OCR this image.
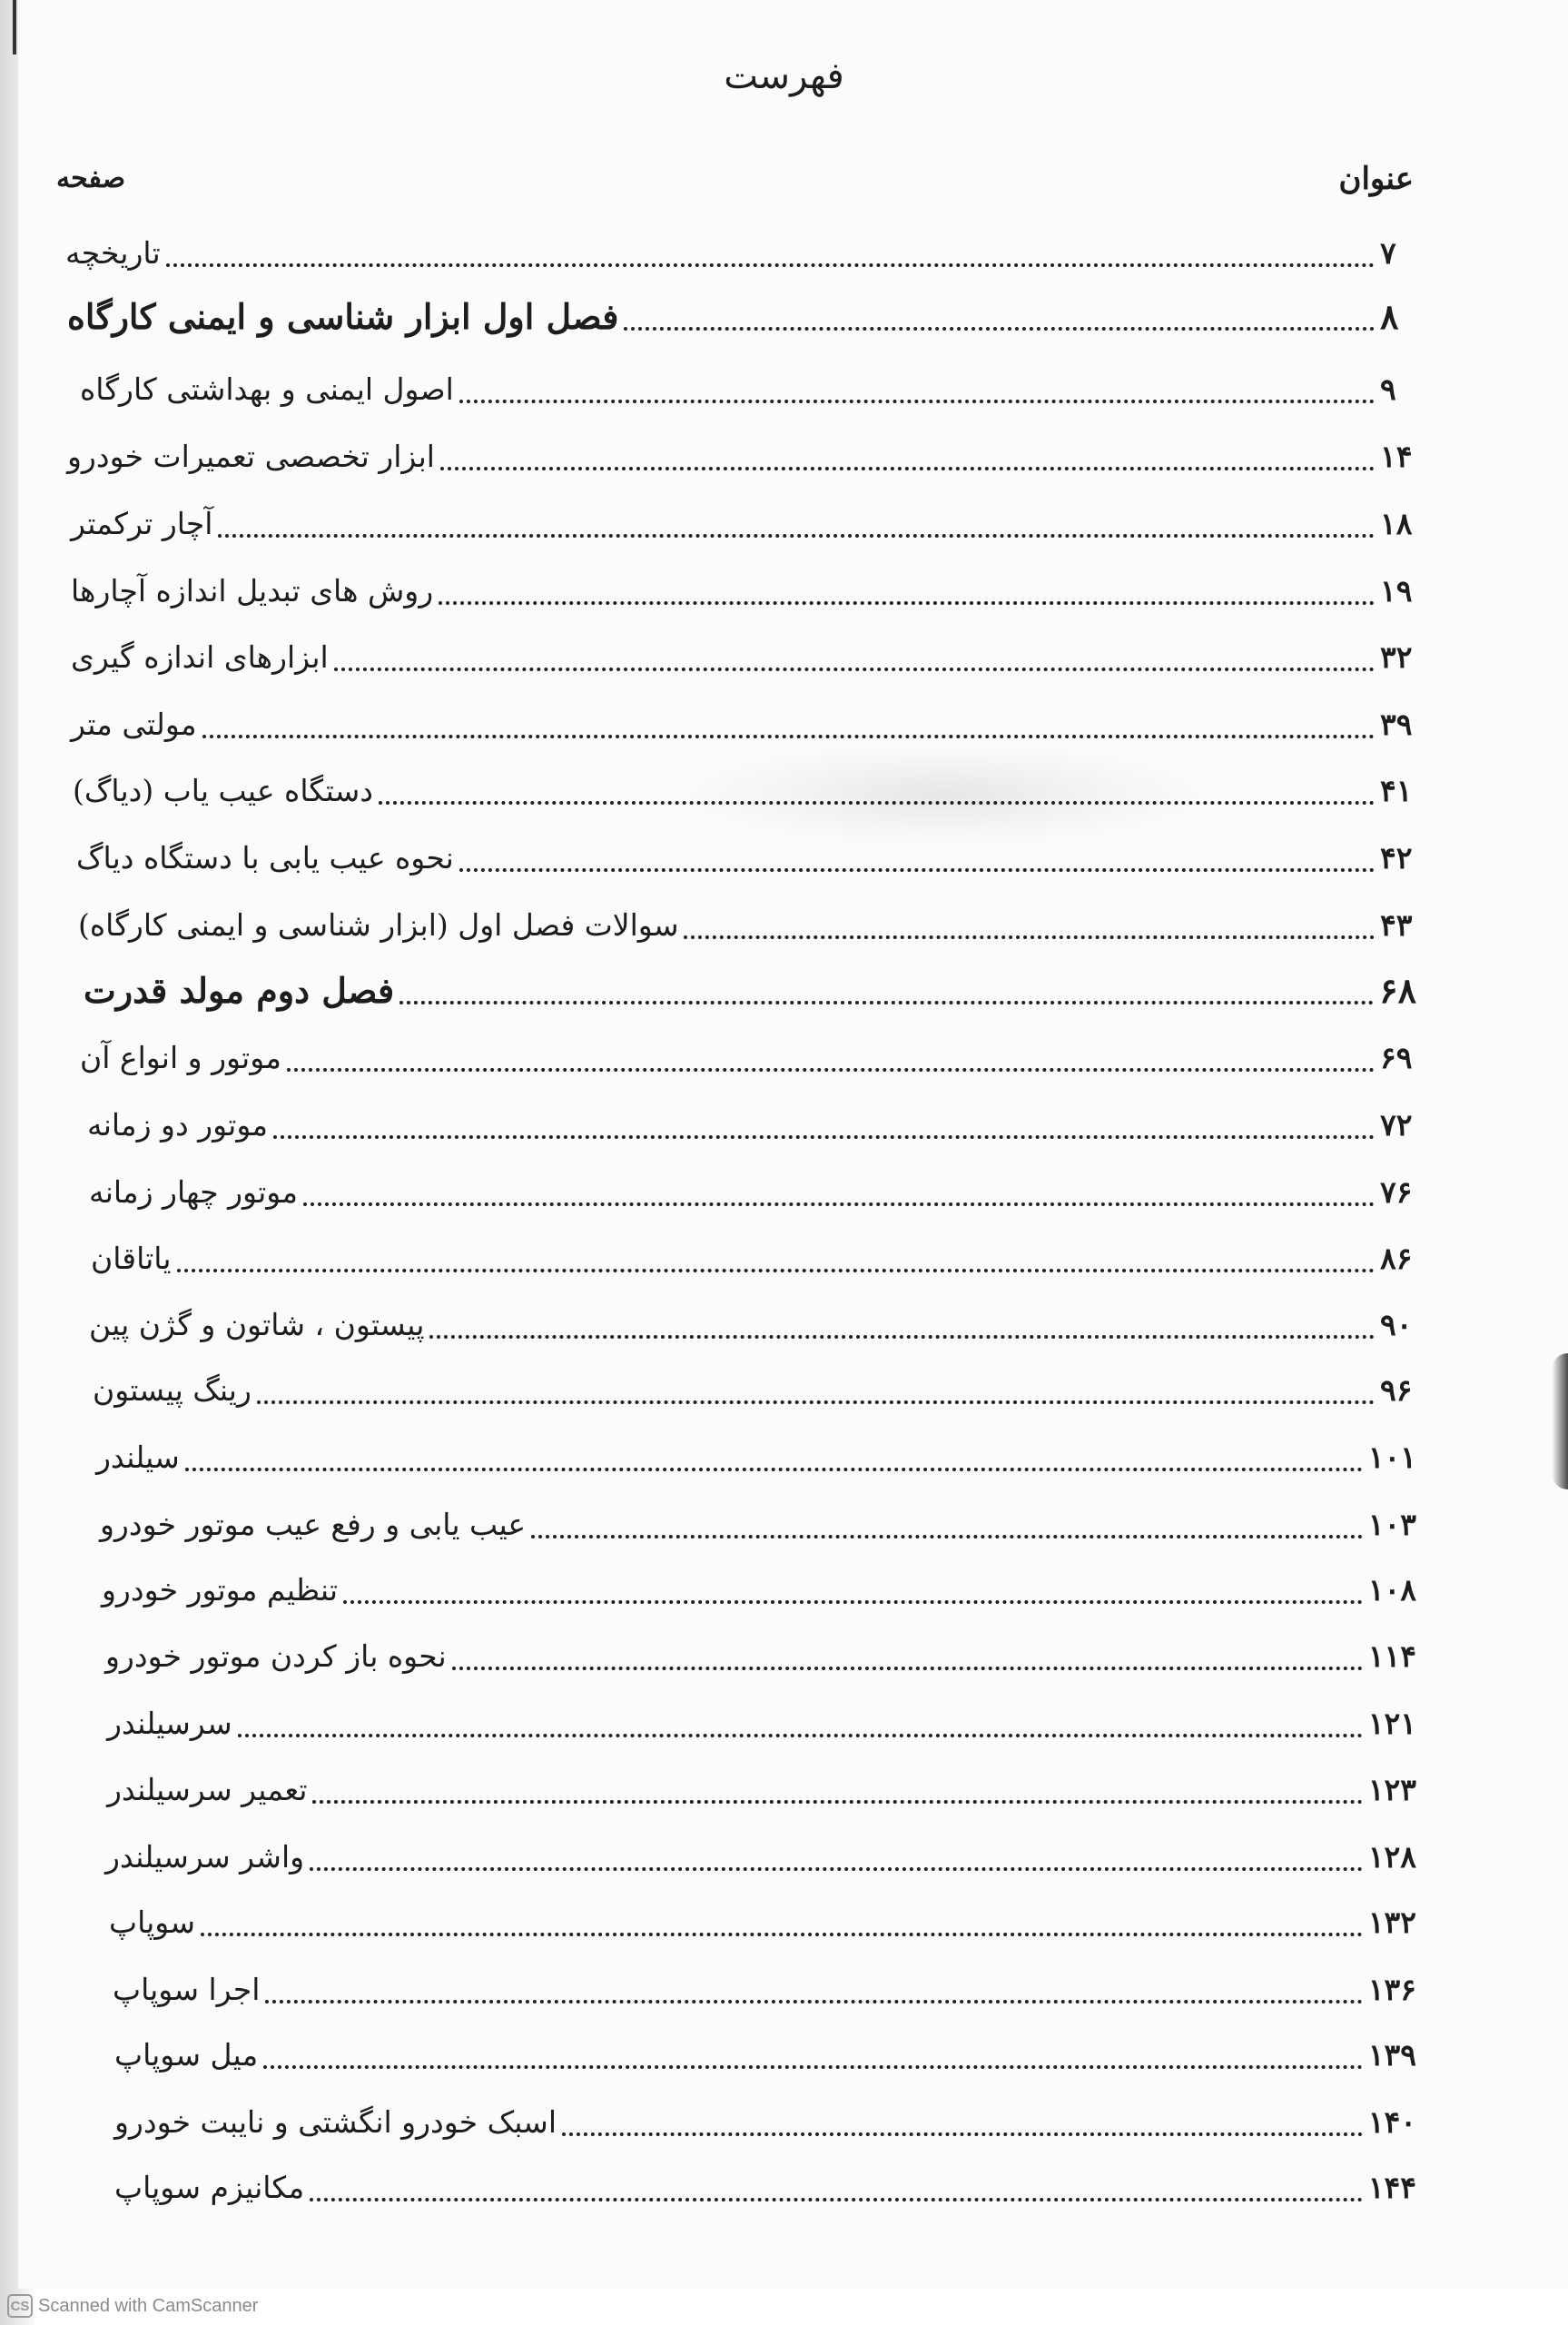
فهرست
عنوان
صفحه
تاریخچه	۷
فصل اول ابزار شناسی و ایمنی کارگاه	۸
اصول ایمنی و بهداشتی کارگاه	۹
ابزار تخصصی تعمیرات خودرو	۱۴
آچار ترکمتر	۱۸
روش های تبدیل اندازه آچارها	۱۹
ابزارهای اندازه گیری	۳۲
مولتی متر	۳۹
دستگاه عیب یاب (دیاگ)	۴۱
نحوه عیب یابی با دستگاه دیاگ	۴۲
سوالات فصل اول (ابزار شناسی و ایمنی کارگاه)	۴۳
فصل دوم مولد قدرت	۶۸
موتور و انواع آن	۶۹
موتور دو زمانه	۷۲
موتور چهار زمانه	۷۶
یاتاقان	۸۶
پیستون ، شاتون و گژن پین	۹۰
رینگ پیستون	۹۶
سیلندر	۱۰۱
عیب یابی و رفع عیب موتور خودرو	۱۰۳
تنظیم موتور خودرو	۱۰۸
نحوه باز کردن موتور خودرو	۱۱۴
سرسیلندر	۱۲۱
تعمیر سرسیلندر	۱۲۳
واشر سرسیلندر	۱۲۸
سوپاپ	۱۳۲
اجرا سوپاپ	۱۳۶
میل سوپاپ	۱۳۹
اسبک خودرو انگشتی و نایبت خودرو	۱۴۰
مکانیزم سوپاپ	۱۴۴
CS Scanned with CamScanner
